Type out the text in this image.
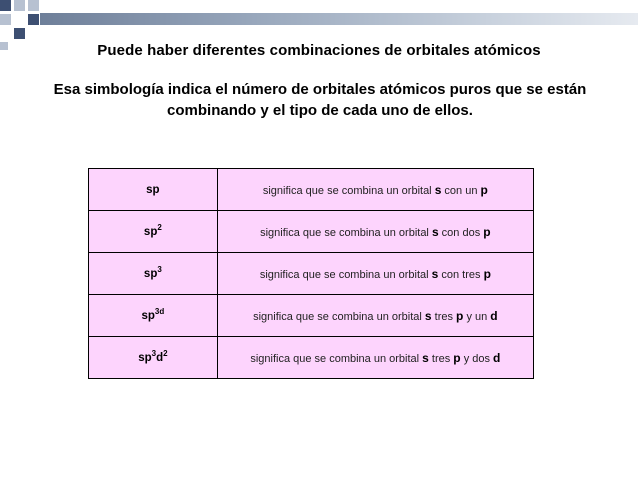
Puede haber diferentes combinaciones de orbitales atómicos
Esa simbología indica el número de orbitales atómicos puros que se están combinando y el tipo de cada uno de ellos.
sp	significa que se combina un orbital s con un p
$sp^2$	significa que se combina un orbital s con dos p
$sp^3$	significa que se combina un orbital s con tres p
$sp^{3d}$	significa que se combina un orbital s tres p y un d
$sp^3d^2$	significa que se combina un orbital s tres p y dos d
